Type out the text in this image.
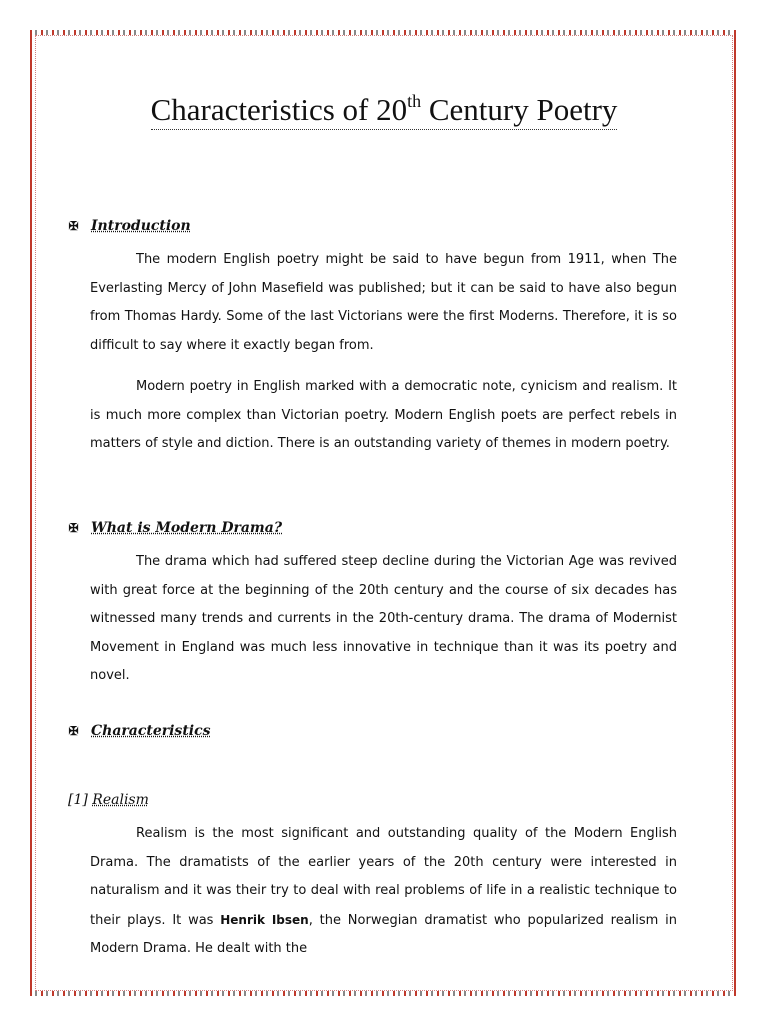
Characteristics of 20th Century Poetry
✠ Introduction

The modern English poetry might be said to have begun from 1911, when The Everlasting Mercy of John Masefield was published; but it can be said to have also begun from Thomas Hardy. Some of the last Victorians were the first Moderns. Therefore, it is so difficult to say where it exactly began from.

Modern poetry in English marked with a democratic note, cynicism and realism. It is much more complex than Victorian poetry. Modern English poets are perfect rebels in matters of style and diction. There is an outstanding variety of themes in modern poetry.

✠ What is Modern Drama?

The drama which had suffered steep decline during the Victorian Age was revived with great force at the beginning of the 20th century and the course of six decades has witnessed many trends and currents in the 20th-century drama. The drama of Modernist Movement in England was much less innovative in technique than it was its poetry and novel.

✠ Characteristics
[1] Realism

Realism is the most significant and outstanding quality of the Modern English Drama. The dramatists of the earlier years of the 20th century were interested in naturalism and it was their try to deal with real problems of life in a realistic technique to their plays. It was Henrik Ibsen, the Norwegian dramatist who popularized realism in Modern Drama. He dealt with the
